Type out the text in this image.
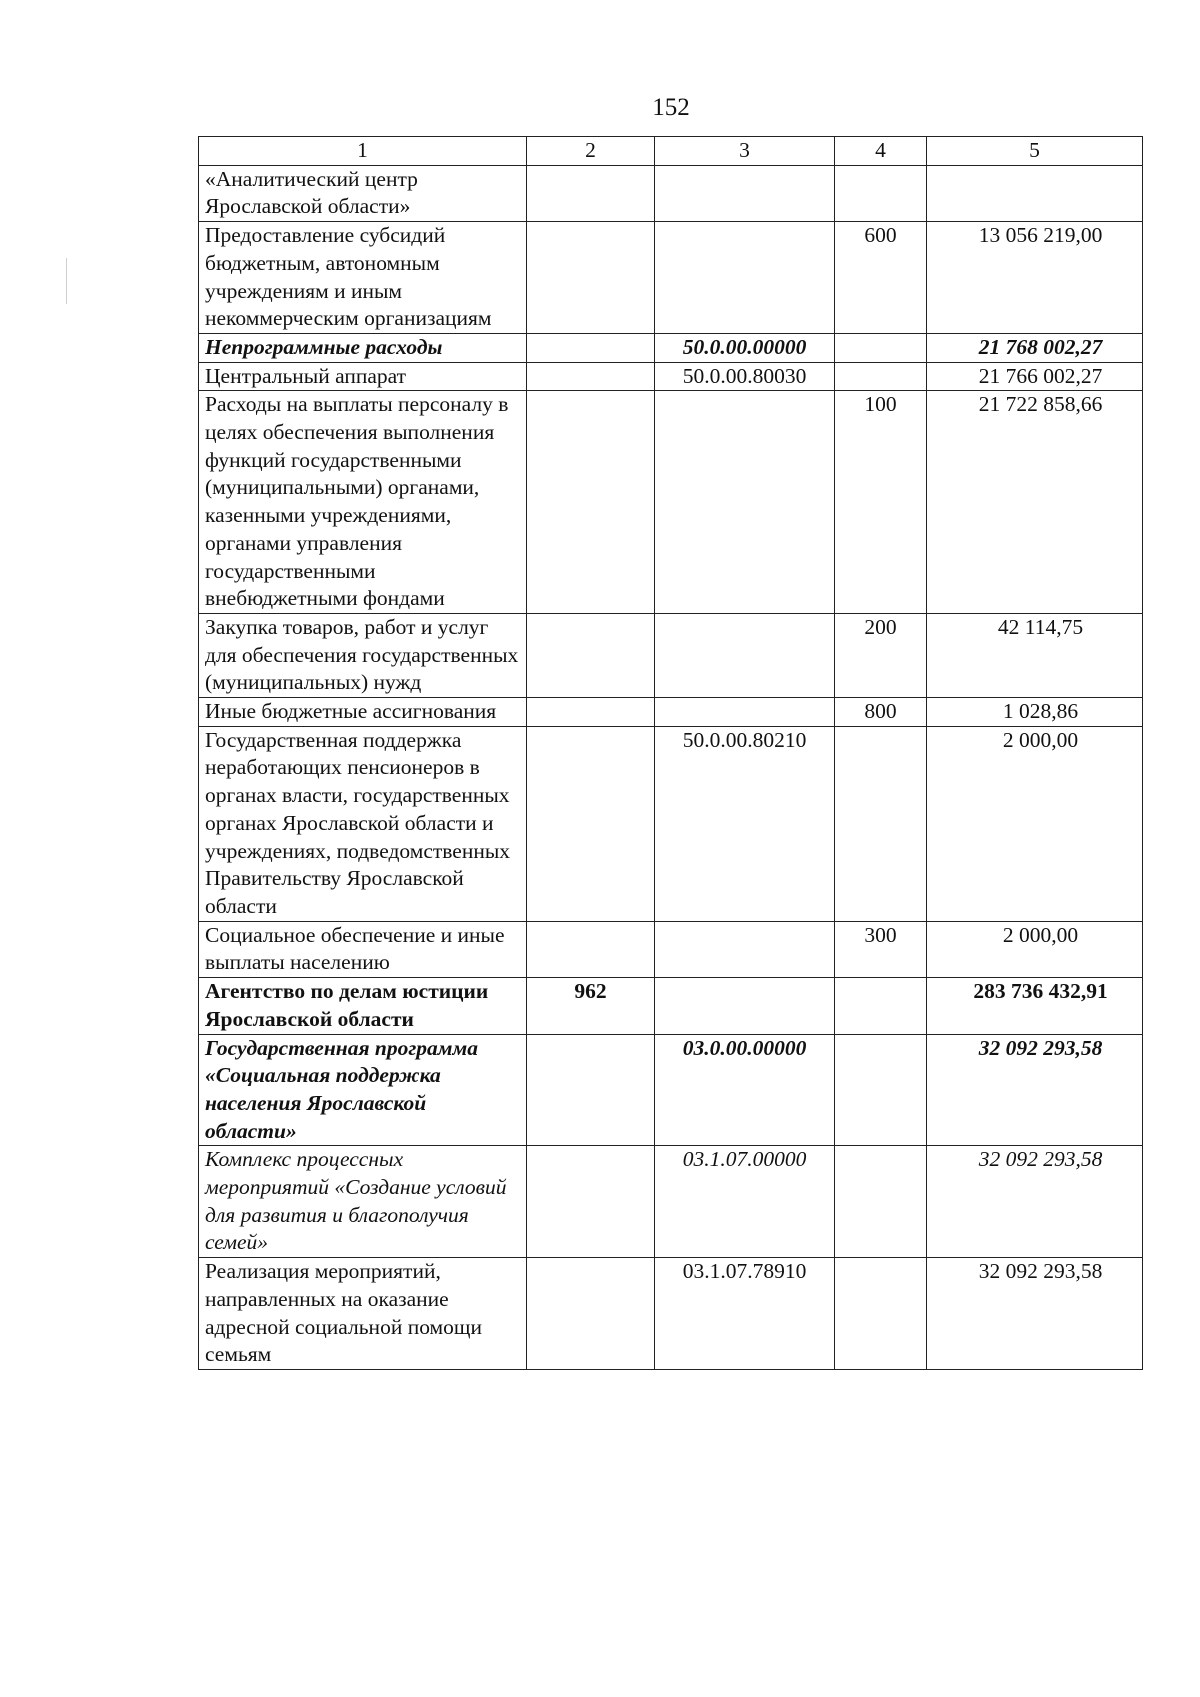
152
1	2	3	4	5
«Аналитический центр Ярославской области»				
Предоставление субсидий бюджетным, автономным учреждениям и иным некоммерческим организациям			600	13 056 219,00
Непрограммные расходы		50.0.00.00000		21 768 002,27
Центральный аппарат		50.0.00.80030		21 766 002,27
Расходы на выплаты персоналу в целях обеспечения выполнения функций государственными (муниципальными) органами, казенными учреждениями, органами управления государственными внебюджетными фондами			100	21 722 858,66
Закупка товаров, работ и услуг для обеспечения государственных (муниципальных) нужд			200	42 114,75
Иные бюджетные ассигнования			800	1 028,86
Государственная поддержка неработающих пенсионеров в органах власти, государственных органах Ярославской области и учреждениях, подведомственных Правительству Ярославской области		50.0.00.80210		2 000,00
Социальное обеспечение и иные выплаты населению			300	2 000,00
Агентство по делам юстиции Ярославской области	962			283 736 432,91
Государственная программа «Социальная поддержка населения Ярославской области»		03.0.00.00000		32 092 293,58
Комплекс процессных мероприятий «Создание условий для развития и благополучия семей»		03.1.07.00000		32 092 293,58
Реализация мероприятий, направленных на оказание адресной социальной помощи семьям		03.1.07.78910		32 092 293,58
